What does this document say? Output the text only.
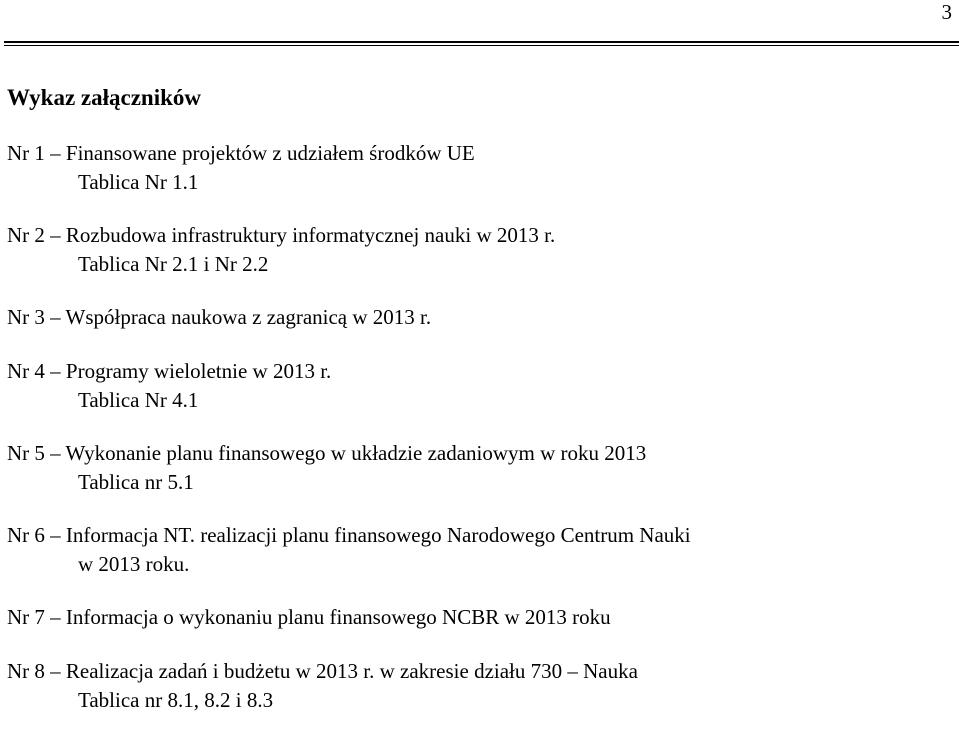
3
Wykaz załączników
Nr 1 – Finansowane projektów z udziałem środków UE
Tablica Nr 1.1
Nr 2 – Rozbudowa infrastruktury informatycznej nauki w 2013 r.
Tablica Nr 2.1 i Nr 2.2
Nr 3 – Współpraca naukowa z zagranicą w 2013 r.
Nr 4 – Programy wieloletnie w 2013 r.
Tablica Nr 4.1
Nr 5 – Wykonanie planu finansowego w układzie zadaniowym w roku 2013
Tablica nr 5.1
Nr 6 – Informacja NT. realizacji planu finansowego Narodowego Centrum Nauki
w 2013 roku.
Nr 7 – Informacja o wykonaniu planu finansowego NCBR w 2013 roku
Nr 8 – Realizacja zadań i budżetu w 2013 r. w zakresie działu 730 – Nauka
Tablica nr 8.1, 8.2 i 8.3
